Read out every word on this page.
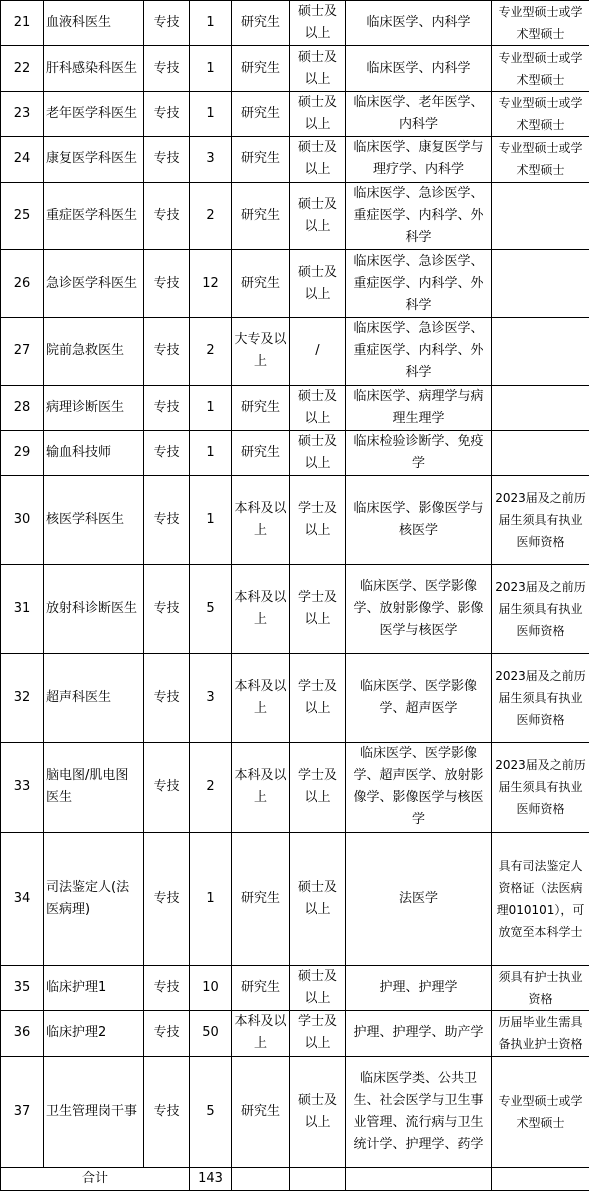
21	血液科医生	专技	1	研究生	硕士及以上	临床医学、内科学	专业型硕士或学术型硕士
22	肝科感染科医生	专技	1	研究生	硕士及以上	临床医学、内科学	专业型硕士或学术型硕士
23	老年医学科医生	专技	1	研究生	硕士及以上	临床医学、老年医学、内科学	专业型硕士或学术型硕士
24	康复医学科医生	专技	3	研究生	硕士及以上	临床医学、康复医学与理疗学、内科学	专业型硕士或学术型硕士
25	重症医学科医生	专技	2	研究生	硕士及以上	临床医学、急诊医学、重症医学、内科学、外科学	
26	急诊医学科医生	专技	12	研究生	硕士及以上	临床医学、急诊医学、重症医学、内科学、外科学	
27	院前急救医生	专技	2	大专及以上	/	临床医学、急诊医学、重症医学、内科学、外科学	
28	病理诊断医生	专技	1	研究生	硕士及以上	临床医学、病理学与病理生理学	
29	输血科技师	专技	1	研究生	硕士及以上	临床检验诊断学、免疫学	
30	核医学科医生	专技	1	本科及以上	学士及以上	临床医学、影像医学与核医学	2023届及之前历届生须具有执业医师资格
31	放射科诊断医生	专技	5	本科及以上	学士及以上	临床医学、医学影像学、放射影像学、影像医学与核医学	2023届及之前历届生须具有执业医师资格
32	超声科医生	专技	3	本科及以上	学士及以上	临床医学、医学影像学、超声医学	2023届及之前历届生须具有执业医师资格
33	脑电图/肌电图医生	专技	2	本科及以上	学士及以上	临床医学、医学影像学、超声医学、放射影像学、影像医学与核医学	2023届及之前历届生须具有执业医师资格
34	司法鉴定人(法医病理)	专技	1	研究生	硕士及以上	法医学	具有司法鉴定人资格证（法医病理010101），可放宽至本科学士
35	临床护理1	专技	10	研究生	硕士及以上	护理、护理学	须具有护士执业资格
36	临床护理2	专技	50	本科及以上	学士及以上	护理、护理学、助产学	历届毕业生需具备执业护士资格
37	卫生管理岗干事	专技	5	研究生	硕士及以上	临床医学类、公共卫生、社会医学与卫生事业管理、流行病与卫生统计学、护理学、药学	专业型硕士或学术型硕士
合计			143				
